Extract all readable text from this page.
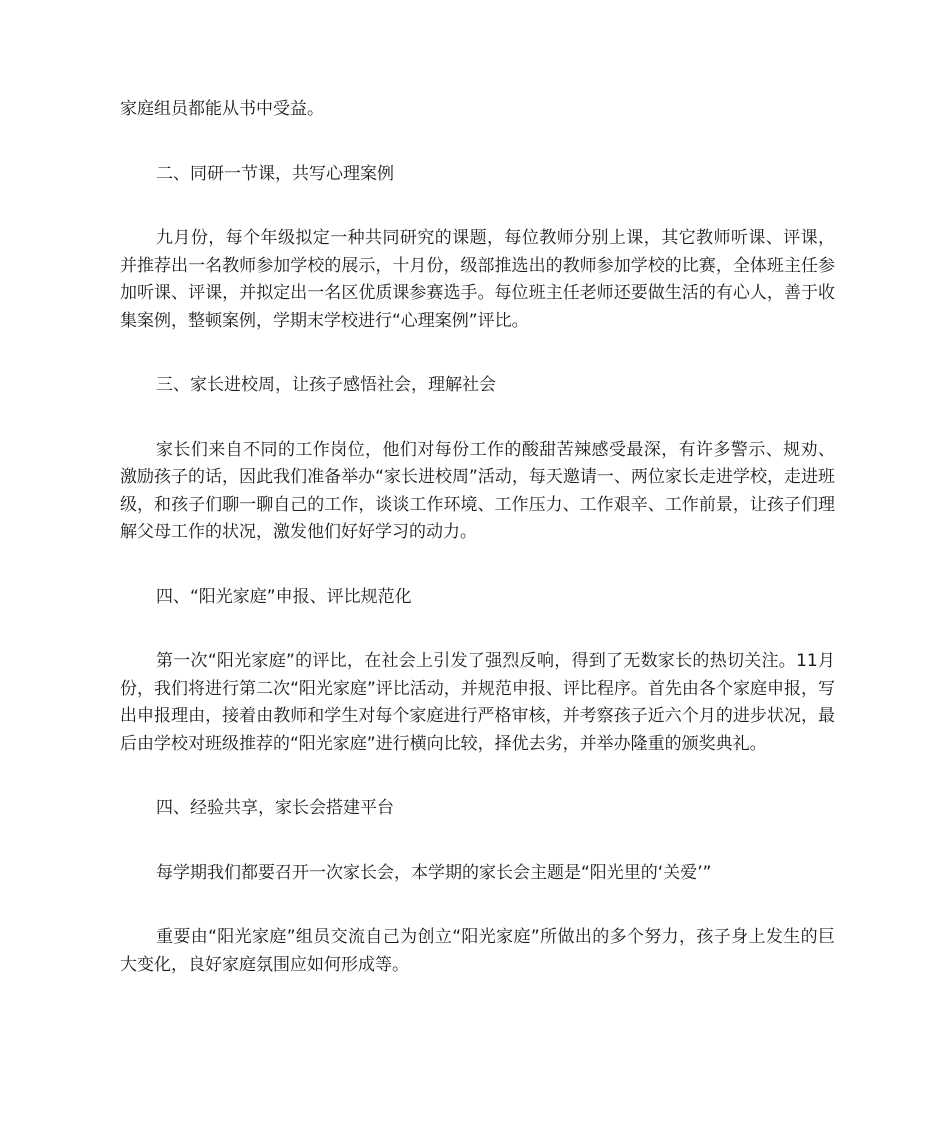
家庭组员都能从书中受益。

二、同研一节课，共写心理案例

九月份，每个年级拟定一种共同研究的课题，每位教师分别上课，其它教师听课、评课，并推荐出一名教师参加学校的展示，十月份，级部推选出的教师参加学校的比赛，全体班主任参加听课、评课，并拟定出一名区优质课参赛选手。每位班主任老师还要做生活的有心人，善于收集案例，整顿案例，学期末学校进行“心理案例”评比。

三、家长进校周，让孩子感悟社会，理解社会

家长们来自不同的工作岗位，他们对每份工作的酸甜苦辣感受最深，有许多警示、规劝、激励孩子的话，因此我们准备举办“家长进校周”活动，每天邀请一、两位家长走进学校，走进班级，和孩子们聊一聊自己的工作，谈谈工作环境、工作压力、工作艰辛、工作前景，让孩子们理解父母工作的状况，激发他们好好学习的动力。

四、“阳光家庭”申报、评比规范化

第一次“阳光家庭”的评比，在社会上引发了强烈反响，得到了无数家长的热切关注。11月份，我们将进行第二次“阳光家庭”评比活动，并规范申报、评比程序。首先由各个家庭申报，写出申报理由，接着由教师和学生对每个家庭进行严格审核，并考察孩子近六个月的进步状况，最后由学校对班级推荐的“阳光家庭”进行横向比较，择优去劣，并举办隆重的颁奖典礼。

四、经验共享，家长会搭建平台

每学期我们都要召开一次家长会，本学期的家长会主题是“阳光里的‘关爱’”

重要由“阳光家庭”组员交流自己为创立“阳光家庭”所做出的多个努力，孩子身上发生的巨大变化，良好家庭氛围应如何形成等。
